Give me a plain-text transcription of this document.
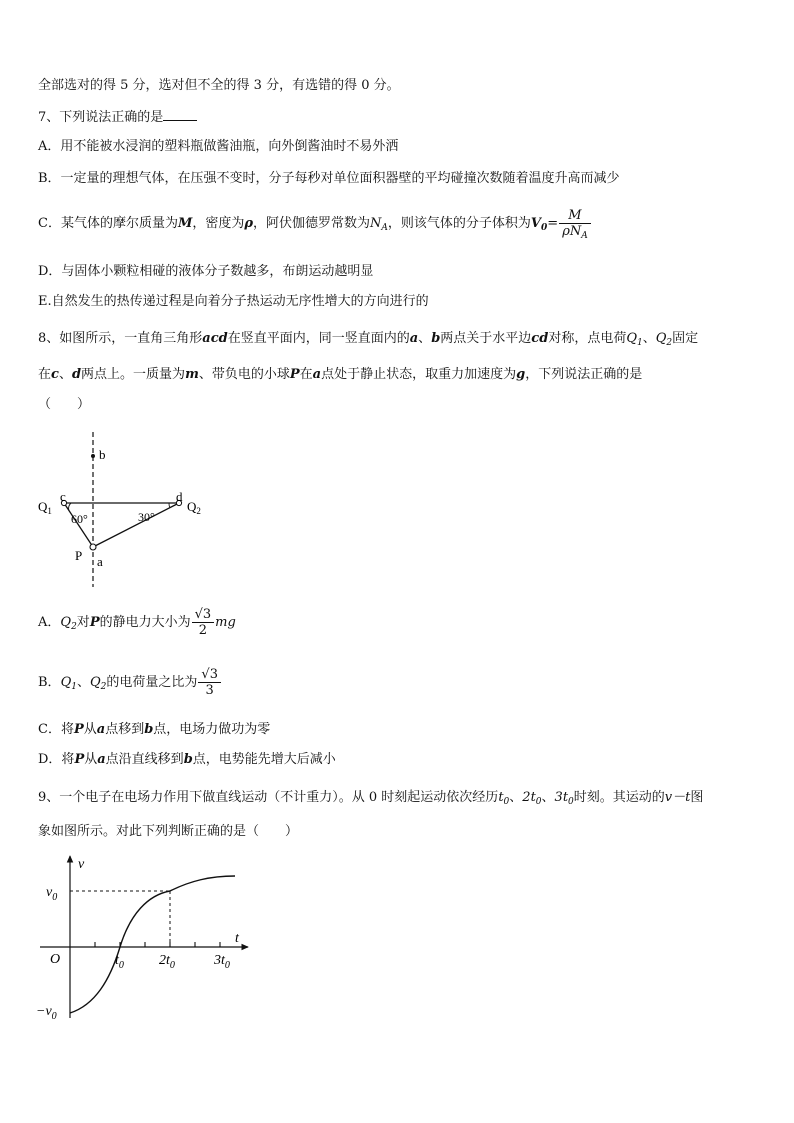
全部选对的得 5 分，选对但不全的得 3 分，有选错的得 0 分。
7、下列说法正确的是
A．用不能被水浸润的塑料瓶做酱油瓶，向外倒酱油时不易外洒
B．一定量的理想气体，在压强不变时，分子每秒对单位面积器壁的平均碰撞次数随着温度升高而减少
C．某气体的摩尔质量为M，密度为ρ，阿伏伽德罗常数为$N_A$，则该气体的分子体积为$V_0= \frac{M}{\rho N_A}$
D．与固体小颗粒相碰的液体分子数越多，布朗运动越明显
E.自然发生的热传递过程是向着分子热运动无序性增大的方向进行的
8、如图所示，一直角三角形acd在竖直平面内，同一竖直面内的a、b两点关于水平边cd对称，点电荷$Q_1$、$Q_2$固定
在c、d两点上。一质量为m、带负电的小球P在a点处于静止状态，取重力加速度为g，下列说法正确的是
（　　）
b
c	d
$Q_1$	$Q_2$
60°	30°
P a
A．$Q_2$对P的静电力大小为 $\frac{√3}{2}$ mg
B．$Q_1$、$Q_2$的电荷量之比为 $\frac{√3}{3}$
C．将P从a点移到b点，电场力做功为零
D．将P从a点沿直线移到b点，电势能先增大后减小
9、一个电子在电场力作用下做直线运动（不计重力）。从 0 时刻起运动依次经历$t_0$、$2t_0$、$3t_0$时刻。其运动的v－t图
象如图所示。对此下列判断正确的是（　　）
v
t
O
$v_0$
$-v_0$
$t_0$	$2t_0$	$3t_0$
